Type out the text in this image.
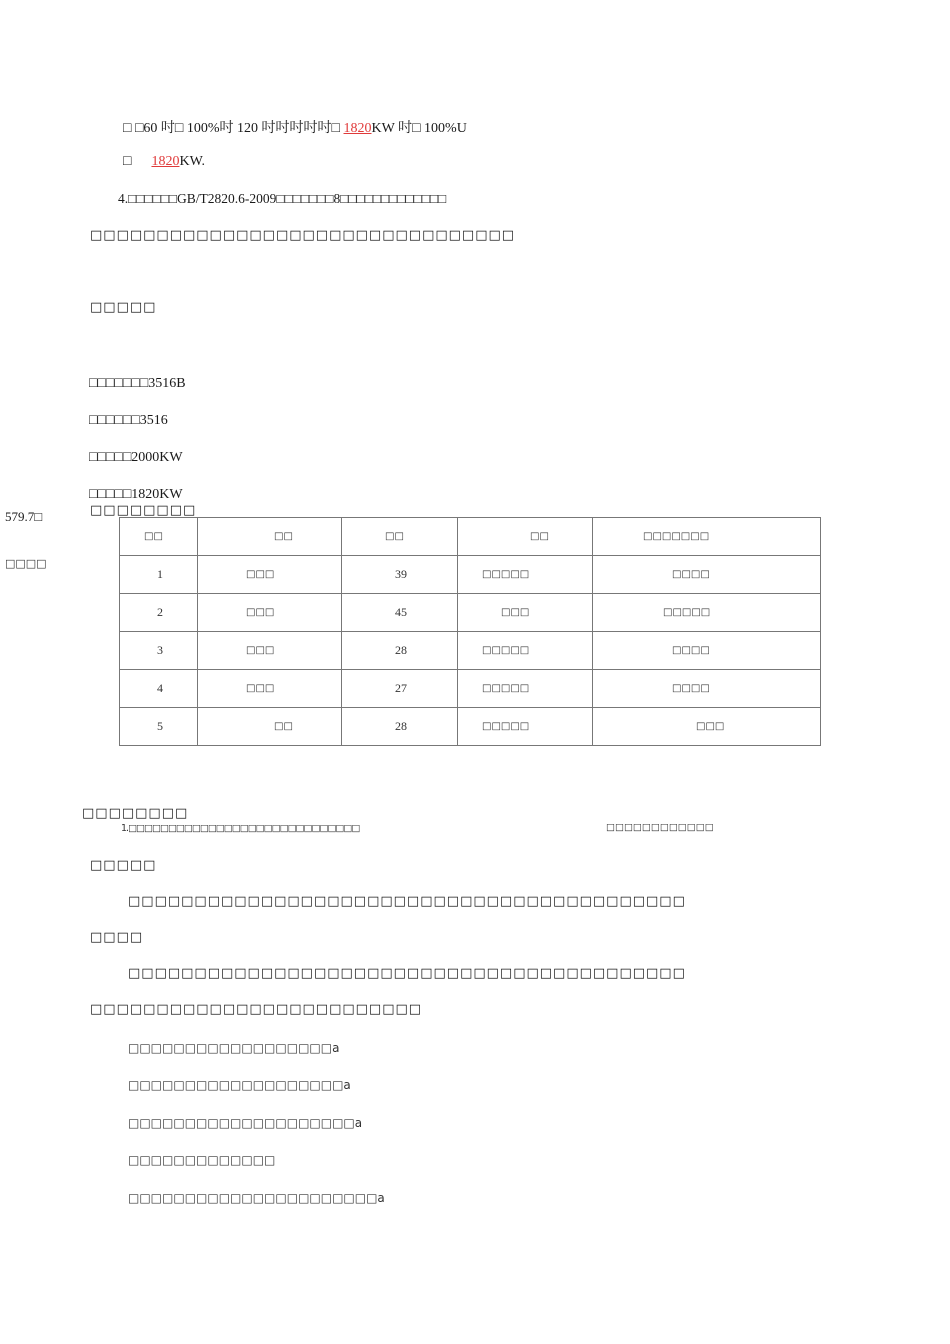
□ □60 吋□ 100%吋 120 吋吋吋吋吋□ 1820KW 吋□ 100%U
□ 1820KW.
4.□□□□□□GB/T2820.6-2009□□□□□□□8□□□□□□□□□□□□□
□□□□□□□□□□□□□□□□□□□□□□□□□□□□□□□□
□□□□□
□□□□□□□3516B
□□□□□□3516
□□□□□2000KW
□□□□□1820KW
579.7□
□□□□
□□□□□□□□
□□	□□	□□	□□	□□□□□□□
1	□□□	39	□□□□□	□□□□
2	□□□	45	□□□	□□□□□
3	□□□	28	□□□□□	□□□□
4	□□□	27	□□□□□	□□□□
5	□□	28	□□□□□	□□□
□□□□□□□□
1.□□□□□□□□□□□□□□□□□□□□□□□□□□□□□	□□□□□□□□□□□□
□□□□□
□□□□□□□□□□□□□□□□□□□□□□□□□□□□□□□□□□□□□□□□□□
□□□□
□□□□□□□□□□□□□□□□□□□□□□□□□□□□□□□□□□□□□□□□□□
□□□□□□□□□□□□□□□□□□□□□□□□□
□□□□□□□□□□□□□□□□□□a
□□□□□□□□□□□□□□□□□□□a
□□□□□□□□□□□□□□□□□□□□a
□□□□□□□□□□□□□
□□□□□□□□□□□□□□□□□□□□□□a
